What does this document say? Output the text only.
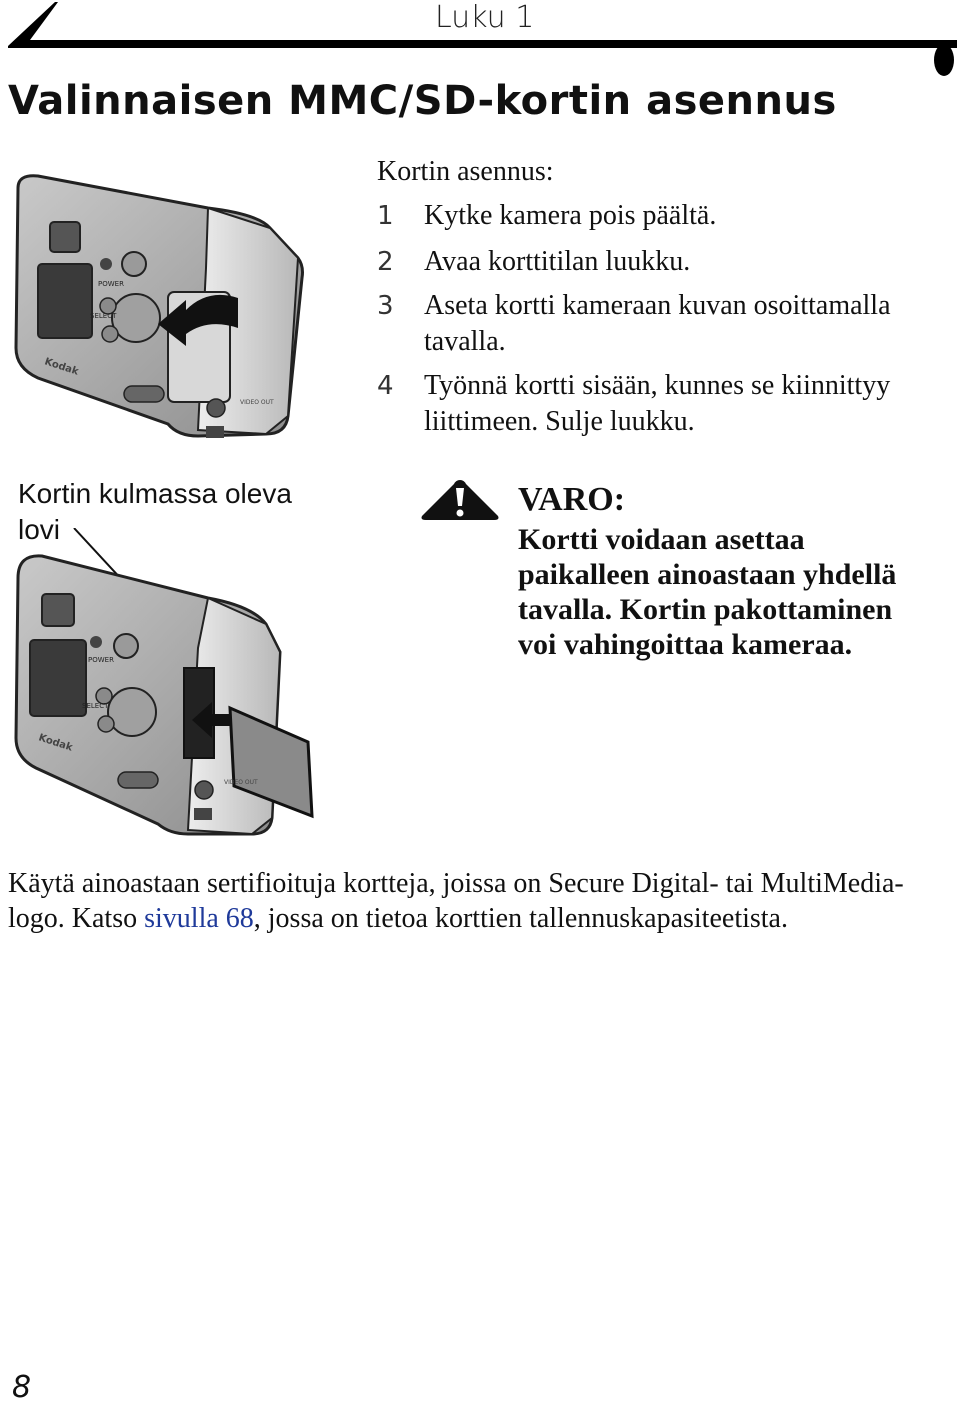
Luku 1
Valinnaisen MMC/SD-kortin asennus
POWER
SELECT
Kodak
VIDEO OUT
Kortin asennus:
1	Kytke kamera pois päältä.
2	Avaa korttitilan luukku.
3	Aseta kortti kameraan kuvan osoittamalla
tavalla.
4	Työnnä kortti sisään, kunnes se kiinnittyy
liittimeen. Sulje luukku.
Kortin kulmassa oleva
lovi
POWER
SELECT
Kodak
VIDEO OUT
VARO:
Kortti voidaan asettaa
paikalleen ainoastaan yhdellä
tavalla. Kortin pakottaminen
voi vahingoittaa kameraa.
Käytä ainoastaan sertifioituja kortteja, joissa on Secure Digital- tai MultiMedia-
logo. Katso sivulla 68, jossa on tietoa korttien tallennuskapasiteetista.
8
